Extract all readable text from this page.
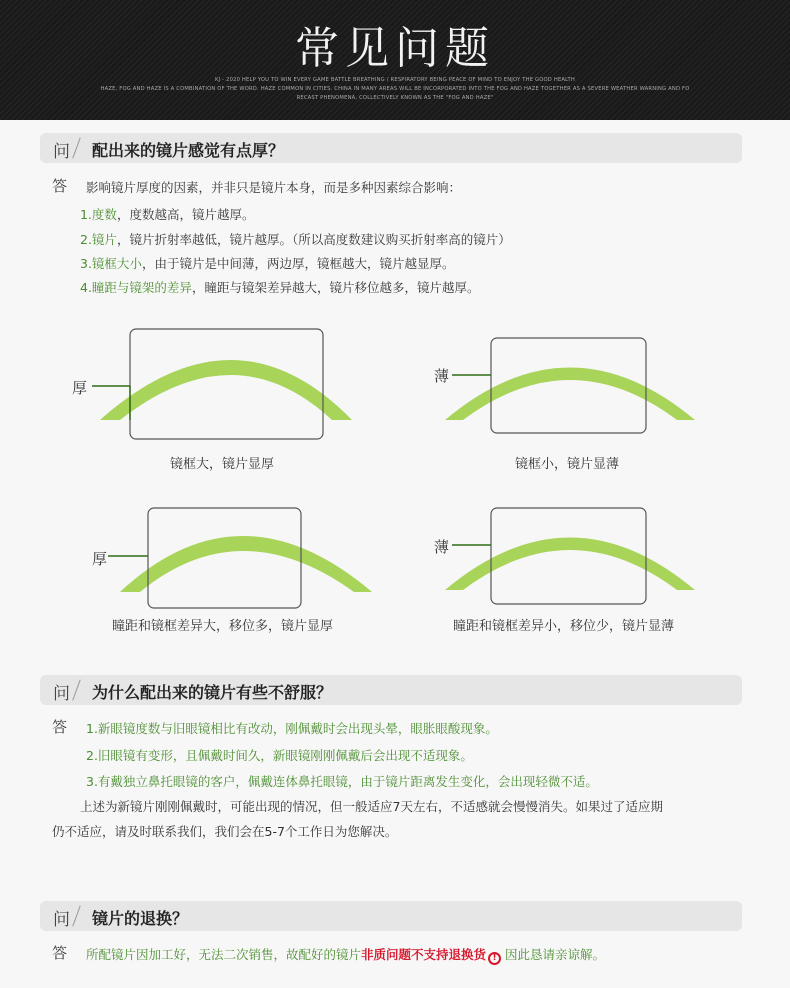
常见问题
KJ - 2020 HELP YOU TO WIN EVERY GAME BATTLE BREATHING / RESPIRATORY BEING PEACE OF MIND TO ENJOY THE GOOD HEALTH
HAZE, FOG AND HAZE IS A COMBINATION OF THE WORD. HAZE COMMON IN CITIES. CHINA IN MANY AREAS WILL BE INCORPORATED INTO THE FOG AND HAZE TOGETHER AS A SEVERE WEATHER WARNING AND FO
RECAST PHENOMENA, COLLECTIVELY KNOWN AS THE "FOG AND HAZE"
问 配出来的镜片感觉有点厚？
答 影响镜片厚度的因素，并非只是镜片本身，而是多种因素综合影响：
1.度数，度数越高，镜片越厚。
2.镜片，镜片折射率越低，镜片越厚。（所以高度数建议购买折射率高的镜片）
3.镜框大小，由于镜片是中间薄，两边厚，镜框越大，镜片越显厚。
4.瞳距与镜架的差异，瞳距与镜架差异越大，镜片移位越多，镜片越厚。
厚
镜框大，镜片显厚
薄
镜框小，镜片显薄
厚
瞳距和镜框差异大，移位多，镜片显厚
薄
瞳距和镜框差异小，移位少，镜片显薄
问 为什么配出来的镜片有些不舒服？
答 1.新眼镜度数与旧眼镜相比有改动，刚佩戴时会出现头晕，眼胀眼酸现象。
2.旧眼镜有变形，且佩戴时间久，新眼镜刚刚佩戴后会出现不适现象。
3.有戴独立鼻托眼镜的客户，佩戴连体鼻托眼镜，由于镜片距离发生变化，会出现轻微不适。
上述为新镜片刚刚佩戴时，可能出现的情况，但一般适应7天左右，不适感就会慢慢消失。如果过了适应期
仍不适应，请及时联系我们，我们会在5-7个工作日为您解决。
问 镜片的退换？
答 所配镜片因加工好，无法二次销售，故配好的镜片非质问题不支持退换货 ! 因此恳请亲谅解。
